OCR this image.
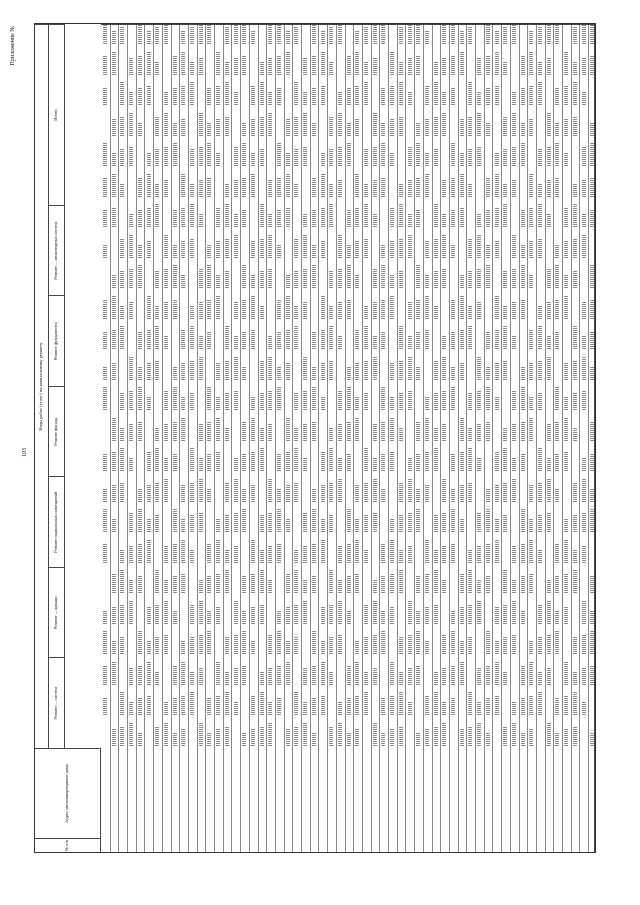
Приложение №
103
№ п/п
Адрес многоквартирного дома
Виды работ (услуг) по капитальному ремонту
Ремонт ... систем
Ремонт ... крыши
Ремонт подвальных помещений
Ремонт фасада
Ремонт фундамента
Ремонт ... инженерных систем
Итого
